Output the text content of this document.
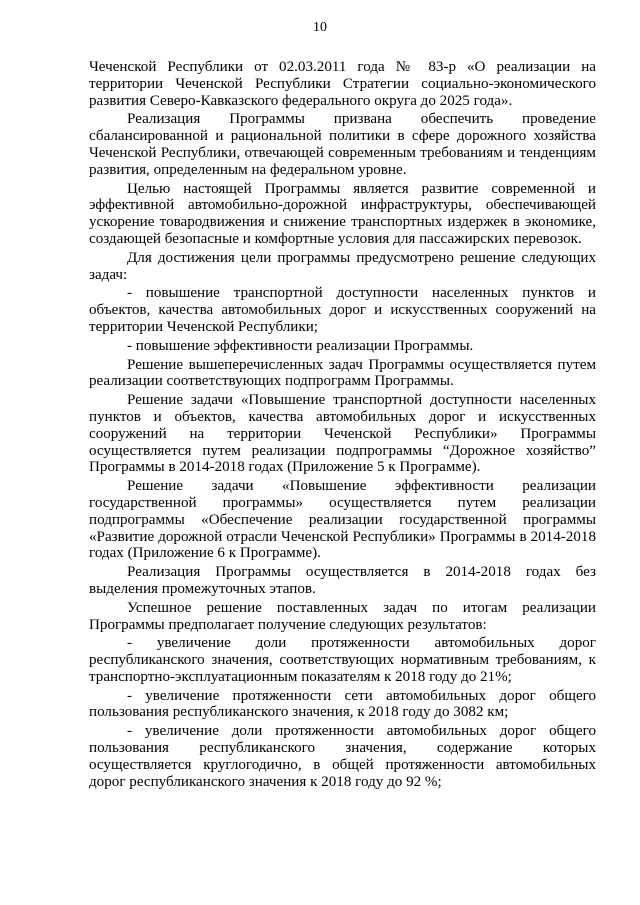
10

Чеченской Республики от 02.03.2011 года № 83-р «О реализации на территории Чеченской Республики Стратегии социально-экономического развития Северо-Кавказского федерального округа до 2025 года».

Реализация Программы призвана обеспечить проведение сбалансированной и рациональной политики в сфере дорожного хозяйства Чеченской Республики, отвечающей современным требованиям и тенденциям развития, определенным на федеральном уровне.

Целью настоящей Программы является развитие современной и эффективной автомобильно-дорожной инфраструктуры, обеспечивающей ускорение товародвижения и снижение транспортных издержек в экономике, создающей безопасные и комфортные условия для пассажирских перевозок.

Для достижения цели программы предусмотрено решение следующих задач:

- повышение транспортной доступности населенных пунктов и объектов, качества автомобильных дорог и искусственных сооружений на территории Чеченской Республики;

- повышение эффективности реализации Программы.

Решение вышеперечисленных задач Программы осуществляется путем реализации соответствующих подпрограмм Программы.

Решение задачи «Повышение транспортной доступности населенных пунктов и объектов, качества автомобильных дорог и искусственных сооружений на территории Чеченской Республики» Программы осуществляется путем реализации подпрограммы “Дорожное хозяйство” Программы в 2014-2018 годах (Приложение 5 к Программе).

Решение задачи «Повышение эффективности реализации государственной программы» осуществляется путем реализации подпрограммы «Обеспечение реализации государственной программы «Развитие дорожной отрасли Чеченской Республики» Программы в 2014-2018 годах (Приложение 6 к Программе).

Реализация Программы осуществляется в 2014-2018 годах без выделения промежуточных этапов.

Успешное решение поставленных задач по итогам реализации Программы предполагает получение следующих результатов:

- увеличение доли протяженности автомобильных дорог республиканского значения, соответствующих нормативным требованиям, к транспортно-эксплуатационным показателям к 2018 году до 21%;

- увеличение протяженности сети автомобильных дорог общего пользования республиканского значения, к 2018 году до 3082 км;

- увеличение доли протяженности автомобильных дорог общего пользования республиканского значения, содержание которых осуществляется круглогодично, в общей протяженности автомобильных дорог республиканского значения к 2018 году до 92 %;
